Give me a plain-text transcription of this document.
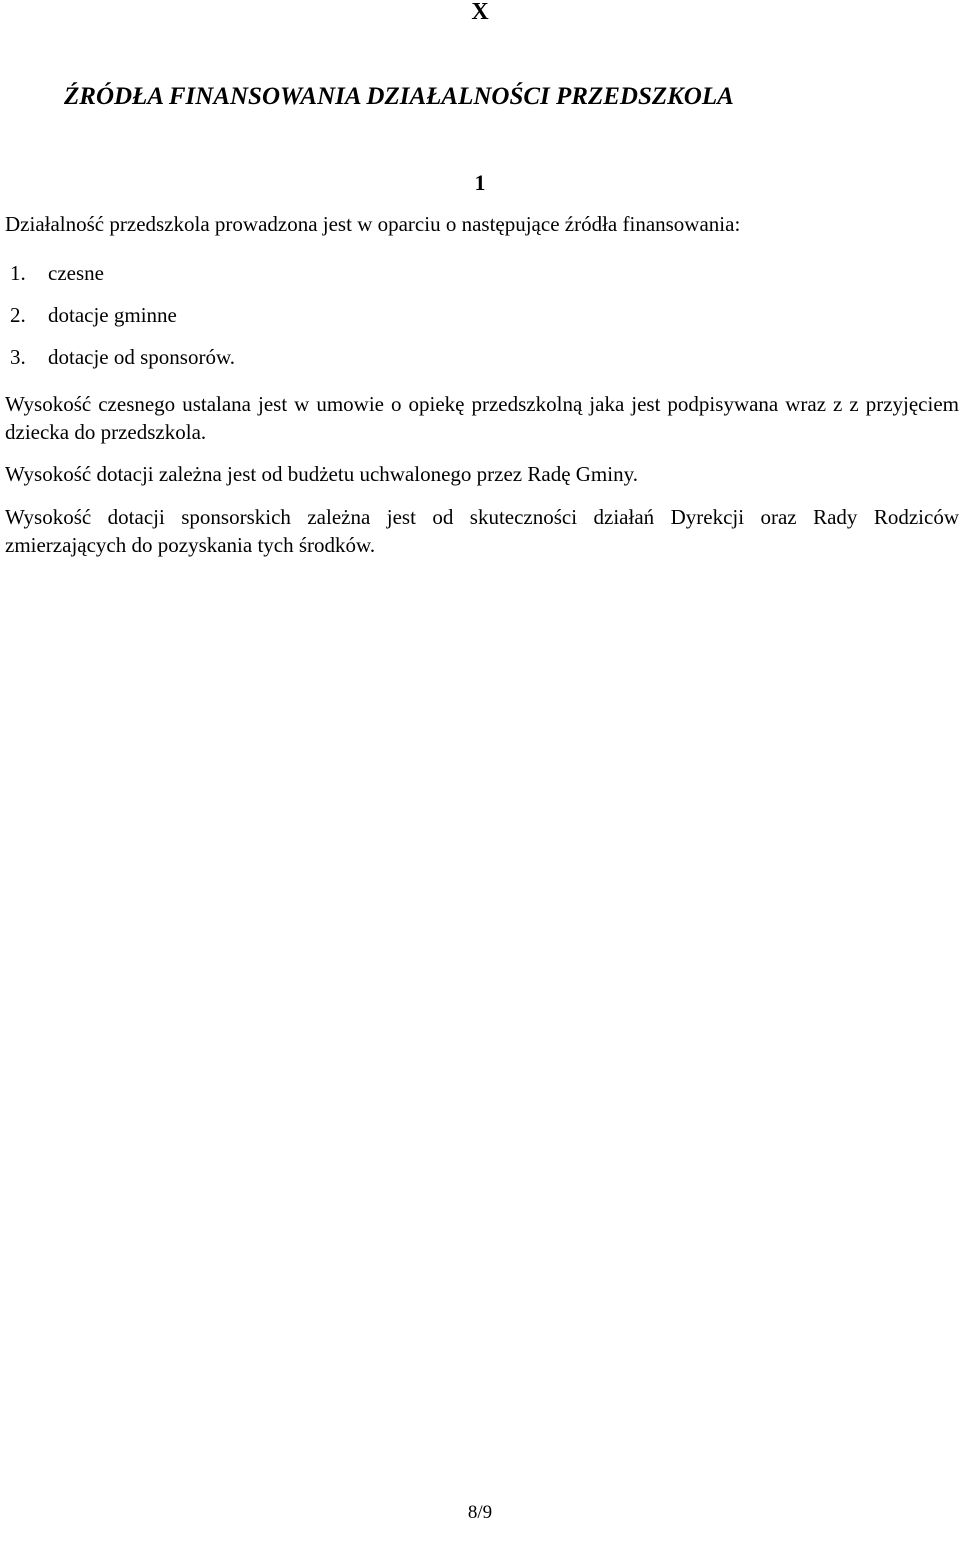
X
ŹRÓDŁA FINANSOWANIA DZIAŁALNOŚCI PRZEDSZKOLA
1

Działalność przedszkola prowadzona jest w oparciu o następujące źródła finansowania:

1. czesne
2. dotacje gminne
3. dotacje od sponsorów.

Wysokość czesnego ustalana jest w umowie o opiekę przedszkolną jaka jest podpisywana wraz z z przyjęciem dziecka do przedszkola.

Wysokość dotacji zależna jest od budżetu uchwalonego przez Radę Gminy.

Wysokość dotacji sponsorskich zależna jest od skuteczności działań Dyrekcji oraz Rady Rodziców zmierzających do pozyskania tych środków.

8/9
